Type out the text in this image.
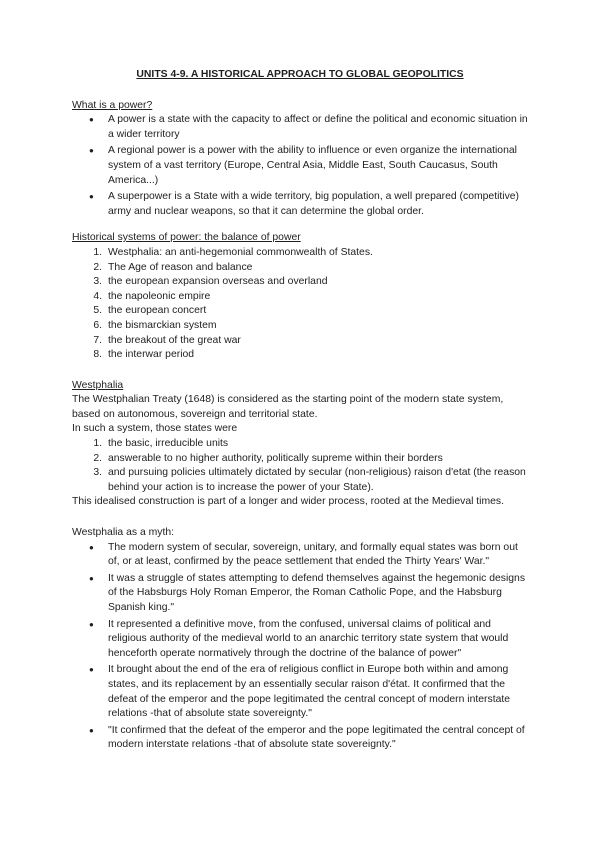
UNITS 4-9. A HISTORICAL APPROACH TO GLOBAL GEOPOLITICS

What is a power?

● A power is a state with the capacity to affect or define the political and economic situation in a wider territory
● A regional power is a power with the ability to influence or even organize the international system of a vast territory (Europe, Central Asia, Middle East, South Caucasus, South America...)
● A superpower is a State with a wide territory, big population, a well prepared (competitive) army and nuclear weapons, so that it can determine the global order.

Historical systems of power: the balance of power

1. Westphalia: an anti-hegemonial commonwealth of States.
2. The Age of reason and balance
3. the european expansion overseas and overland
4. the napoleonic empire
5. the european concert
6. the bismarckian system
7. the breakout of the great war
8. the interwar period

Westphalia

The Westphalian Treaty (1648) is considered as the starting point of the modern state system, based on autonomous, sovereign and territorial state.

In such a system, those states were

1. the basic, irreducible units
2. answerable to no higher authority, politically supreme within their borders
3. and pursuing policies ultimately dictated by secular (non-religious) raison d'etat (the reason behind your action is to increase the power of your State).

This idealised construction is part of a longer and wider process, rooted at the Medieval times.

Westphalia as a myth:

● The modern system of secular, sovereign, unitary, and formally equal states was born out of, or at least, confirmed by the peace settlement that ended the Thirty Years' War."
● It was a struggle of states attempting to defend themselves against the hegemonic designs of the Habsburgs Holy Roman Emperor, the Roman Catholic Pope, and the Habsburg Spanish king."
● It represented a definitive move, from the confused, universal claims of political and religious authority of the medieval world to an anarchic territory state system that would henceforth operate normatively through the doctrine of the balance of power"
● It brought about the end of the era of religious conflict in Europe both within and among states, and its replacement by an essentially secular raison d'état. It confirmed that the defeat of the emperor and the pope legitimated the central concept of modern interstate relations -that of absolute state sovereignty."
● "It confirmed that the defeat of the emperor and the pope legitimated the central concept of modern interstate relations -that of absolute state sovereignty."
